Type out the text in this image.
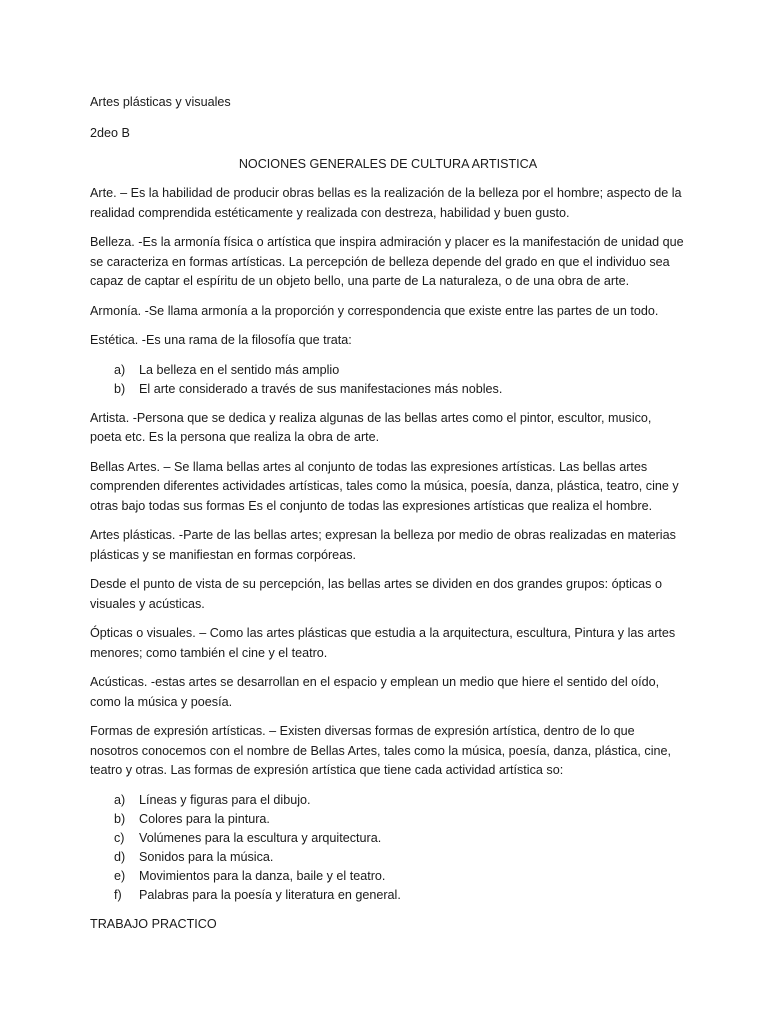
Artes plásticas y visuales

2deo B

NOCIONES GENERALES DE CULTURA ARTISTICA

Arte. – Es la habilidad de producir obras bellas es la realización de la belleza por el hombre; aspecto de la realidad comprendida estéticamente y realizada con destreza, habilidad y buen gusto.

Belleza. -Es la armonía física o artística que inspira admiración y placer es la manifestación de unidad que se caracteriza en formas artísticas. La percepción de belleza depende del grado en que el individuo sea capaz de captar el espíritu de un objeto bello, una parte de La naturaleza, o de una obra de arte.

Armonía. -Se llama armonía a la proporción y correspondencia que existe entre las partes de un todo.

Estética. -Es una rama de la filosofía que trata:

a)	La belleza en el sentido más amplio
b)	El arte considerado a través de sus manifestaciones más nobles.

Artista. -Persona que se dedica y realiza algunas de las bellas artes como el pintor, escultor, musico, poeta etc. Es la persona que realiza la obra de arte.

Bellas Artes. – Se llama bellas artes al conjunto de todas las expresiones artísticas. Las bellas artes comprenden diferentes actividades artísticas, tales como la música, poesía, danza, plástica, teatro, cine y otras bajo todas sus formas Es el conjunto de todas las expresiones artísticas que realiza el hombre.

Artes plásticas. -Parte de las bellas artes; expresan la belleza por medio de obras realizadas en materias plásticas y se manifiestan en formas corpóreas.

Desde el punto de vista de su percepción, las bellas artes se dividen en dos grandes grupos: ópticas o visuales y acústicas.

Ópticas o visuales. – Como las artes plásticas que estudia a la arquitectura, escultura, Pintura y las artes menores; como también el cine y el teatro.

Acústicas. -estas artes se desarrollan en el espacio y emplean un medio que hiere el sentido del oído, como la música y poesía.

Formas de expresión artísticas. – Existen diversas formas de expresión artística, dentro de lo que nosotros conocemos con el nombre de Bellas Artes, tales como la música, poesía, danza, plástica, cine, teatro y otras. Las formas de expresión artística que tiene cada actividad artística so:

a)	Líneas y figuras para el dibujo.
b)	Colores para la pintura.
c)	Volúmenes para la escultura y arquitectura.
d)	Sonidos para la música.
e)	Movimientos para la danza, baile y el teatro.
f)	Palabras para la poesía y literatura en general.

TRABAJO PRACTICO
